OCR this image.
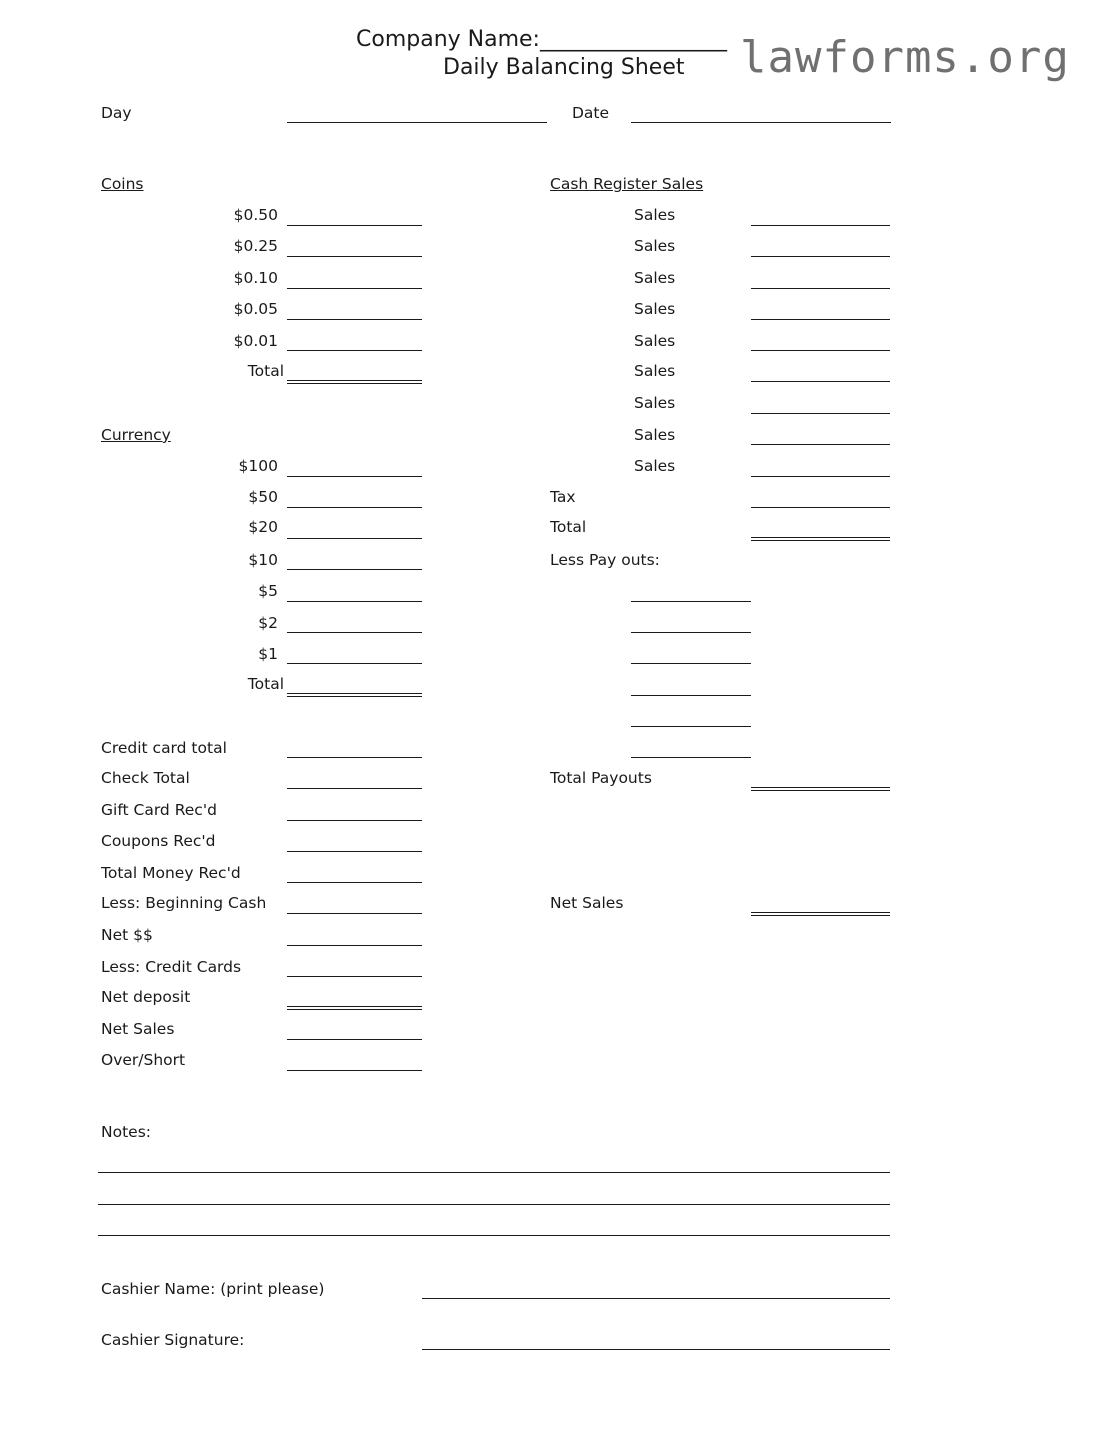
Company Name:_________________
Daily Balancing Sheet lawforms.org
Day	Date
Coins
$0.50
$0.25
$0.10
$0.05
$0.01
Total
Currency
$100
$50
$20
$10
$5
$2
$1
Total
Cash Register Sales
Sales
Sales
Sales
Sales
Sales
Sales
Sales
Sales
Sales
Tax
Total
Less Pay outs:
Total Payouts
Net Sales
Credit card total
Check Total
Gift Card Rec'd
Coupons Rec'd
Total Money Rec'd
Less: Beginning Cash
Net $$
Less: Credit Cards
Net deposit
Net Sales
Over/Short
Notes:
Cashier Name: (print please)
Cashier Signature:
